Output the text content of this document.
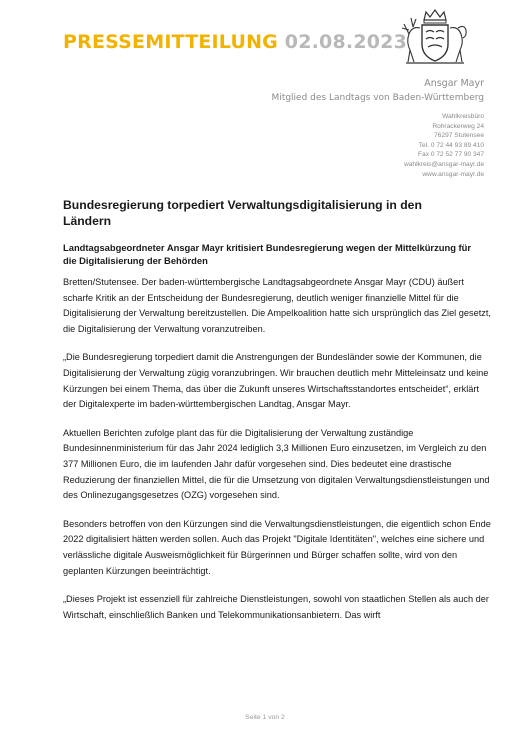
PRESSEMITTEILUNG 02.08.2023
Ansgar Mayr
Mitglied des Landtags von Baden-Württemberg
Wahlkreisbüro
Rohrackerweg 24
76297 Stutensee
Tel. 0 72 44 93 89 410
Fax 0 72 52 77 90 347
wahlkreis@ansgar-mayr.de
www.ansgar-mayr.de
Bundesregierung torpediert Verwaltungsdigitalisierung in den Ländern
Landtagsabgeordneter Ansgar Mayr kritisiert Bundesregierung wegen der Mittelkürzung für die Digitalisierung der Behörden

Bretten/Stutensee. Der baden-württembergische Landtagsabgeordnete Ansgar Mayr (CDU) äußert scharfe Kritik an der Entscheidung der Bundesregierung, deutlich weniger finanzielle Mittel für die Digitalisierung der Verwaltung bereitzustellen. Die Ampelkoalition hatte sich ursprünglich das Ziel gesetzt, die Digitalisierung der Verwaltung voranzutreiben.

„Die Bundesregierung torpediert damit die Anstrengungen der Bundesländer sowie der Kommunen, die Digitalisierung der Verwaltung zügig voranzubringen. Wir brauchen deutlich mehr Mitteleinsatz und keine Kürzungen bei einem Thema, das über die Zukunft unseres Wirtschaftsstandortes entscheidet“, erklärt der Digitalexperte im baden-württembergischen Landtag, Ansgar Mayr.

Aktuellen Berichten zufolge plant das für die Digitalisierung der Verwaltung zuständige Bundesinnenministerium für das Jahr 2024 lediglich 3,3 Millionen Euro einzusetzen, im Vergleich zu den 377 Millionen Euro, die im laufenden Jahr dafür vorgesehen sind. Dies bedeutet eine drastische Reduzierung der finanziellen Mittel, die für die Umsetzung von digitalen Verwaltungsdienstleistungen und des Onlinezugangsgesetzes (OZG) vorgesehen sind.

Besonders betroffen von den Kürzungen sind die Verwaltungsdienstleistungen, die eigentlich schon Ende 2022 digitalisiert hätten werden sollen. Auch das Projekt "Digitale Identitäten", welches eine sichere und verlässliche digitale Ausweismöglichkeit für Bürgerinnen und Bürger schaffen sollte, wird von den geplanten Kürzungen beeinträchtigt.

„Dieses Projekt ist essenziell für zahlreiche Dienstleistungen, sowohl von staatlichen Stellen als auch der Wirtschaft, einschließlich Banken und Telekommunikationsanbietern. Das wirft

Seite 1 von 2
